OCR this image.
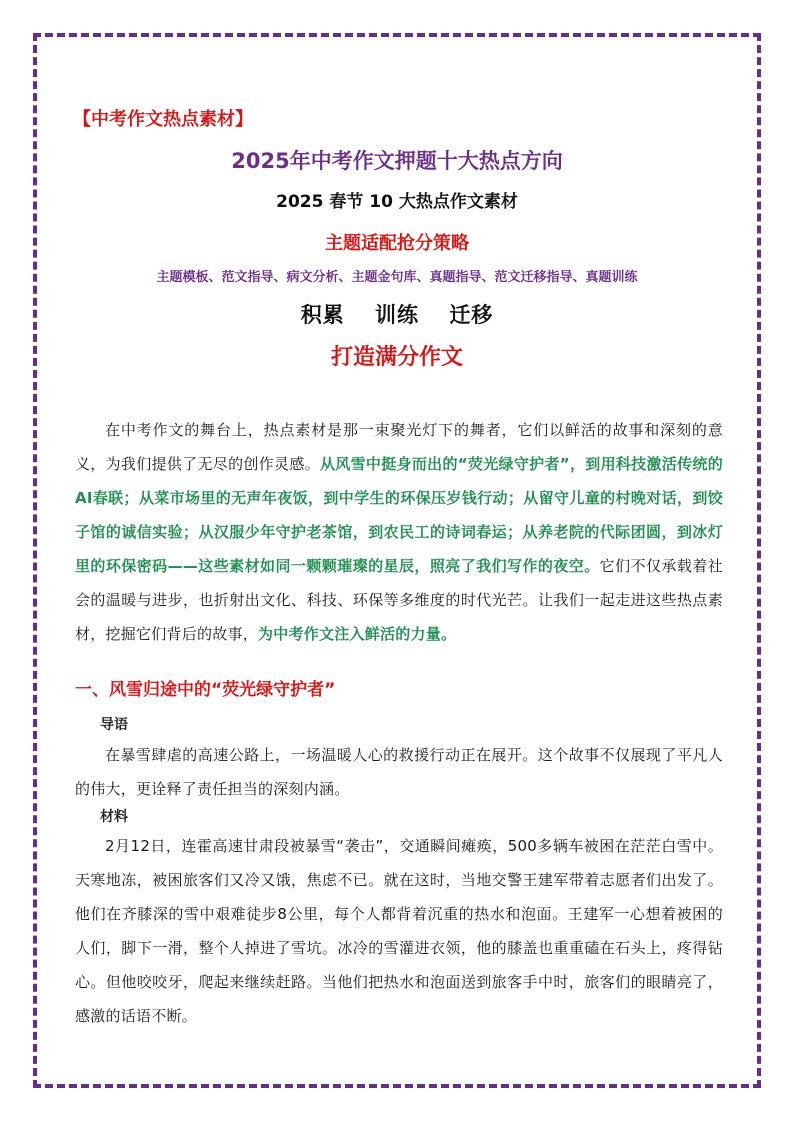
【中考作文热点素材】
2025年中考作文押题十大热点方向
2025 春节 10 大热点作文素材
主题适配抢分策略
主题模板、范文指导、病文分析、主题金句库、真题指导、范文迁移指导、真题训练
积累 训练 迁移
打造满分作文
在中考作文的舞台上，热点素材是那一束聚光灯下的舞者，它们以鲜活的故事和深刻的意义，为我们提供了无尽的创作灵感。从风雪中挺身而出的“荧光绿守护者”，到用科技激活传统的AI春联；从菜市场里的无声年夜饭，到中学生的环保压岁钱行动；从留守儿童的村晚对话，到饺子馆的诚信实验；从汉服少年守护老茶馆，到农民工的诗词春运；从养老院的代际团圆，到冰灯里的环保密码——这些素材如同一颗颗璀璨的星辰，照亮了我们写作的夜空。它们不仅承载着社会的温暖与进步，也折射出文化、科技、环保等多维度的时代光芒。让我们一起走进这些热点素材，挖掘它们背后的故事，为中考作文注入鲜活的力量。
一、风雪归途中的“荧光绿守护者”
导语
在暴雪肆虐的高速公路上，一场温暖人心的救援行动正在展开。这个故事不仅展现了平凡人的伟大，更诠释了责任担当的深刻内涵。
材料
2月12日，连霍高速甘肃段被暴雪“袭击”，交通瞬间瘫痪，500多辆车被困在茫茫白雪中。天寒地冻，被困旅客们又冷又饿，焦虑不已。就在这时，当地交警王建军带着志愿者们出发了。他们在齐膝深的雪中艰难徒步8公里，每个人都背着沉重的热水和泡面。王建军一心想着被困的人们，脚下一滑，整个人掉进了雪坑。冰冷的雪灌进衣领，他的膝盖也重重磕在石头上，疼得钻心。但他咬咬牙，爬起来继续赶路。当他们把热水和泡面送到旅客手中时，旅客们的眼睛亮了，感激的话语不断。
